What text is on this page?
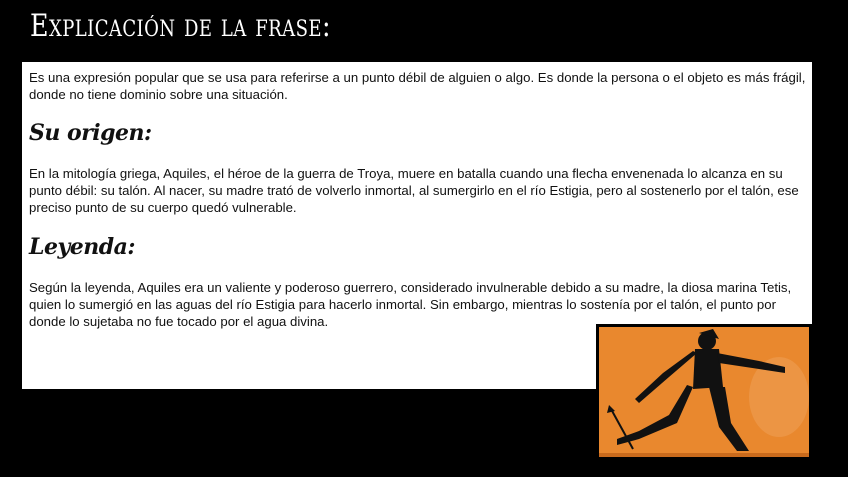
Explicación de la frase:

Es una expresión popular que se usa para referirse a un punto débil de alguien o algo. Es donde la persona o el objeto es más frágil, donde no tiene dominio sobre una situación.

Su origen:

En la mitología griega, Aquiles, el héroe de la guerra de Troya, muere en batalla cuando una flecha envenenada lo alcanza en su punto débil: su talón. Al nacer, su madre trató de volverlo inmortal, al sumergirlo en el río Estigia, pero al sostenerlo por el talón, ese preciso punto de su cuerpo quedó vulnerable.

Leyenda:

Según la leyenda, Aquiles era un valiente y poderoso guerrero, considerado invulnerable debido a su madre, la diosa marina Tetis, quien lo sumergió en las aguas del río Estigia para hacerlo inmortal. Sin embargo, mientras lo sostenía por el talón, el punto por donde lo sujetaba no fue tocado por el agua divina.
